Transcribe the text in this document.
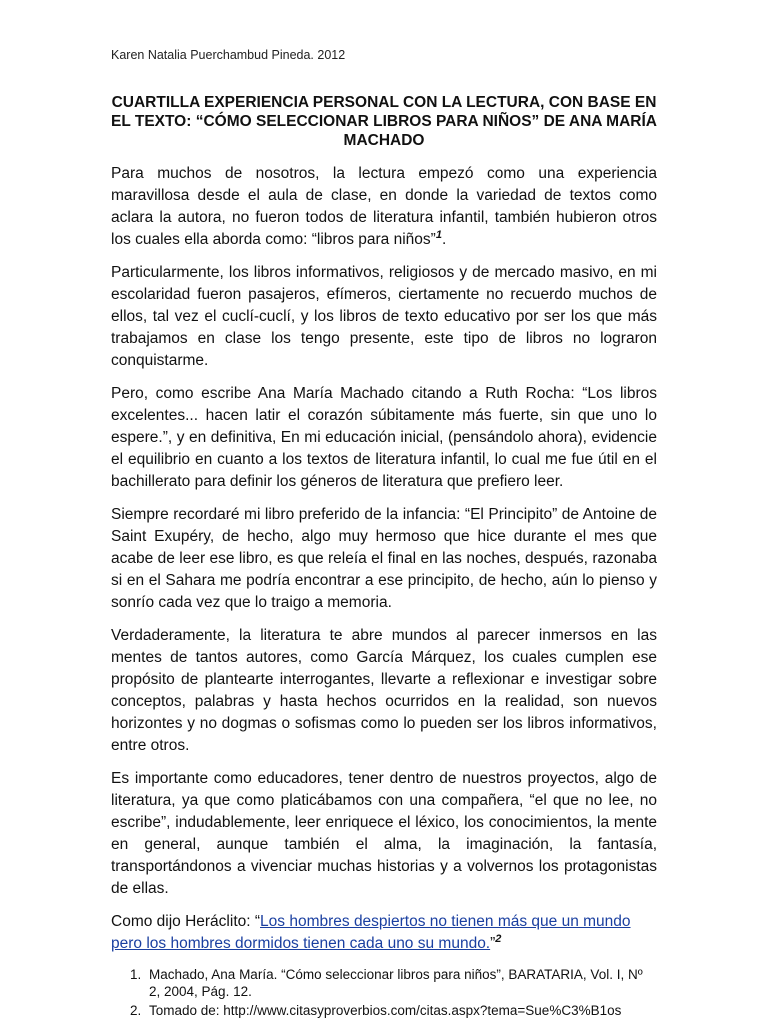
Karen Natalia Puerchambud Pineda. 2012
CUARTILLA EXPERIENCIA PERSONAL CON LA LECTURA, CON BASE EN
EL TEXTO: “CÓMO SELECCIONAR LIBROS PARA NIÑOS” DE ANA MARÍA
MACHADO

Para muchos de nosotros, la lectura empezó como una experiencia maravillosa desde el aula de clase, en donde la variedad de textos como aclara la autora, no fueron todos de literatura infantil, también hubieron otros los cuales ella aborda como: “libros para niños”$^1$.

Particularmente, los libros informativos, religiosos y de mercado masivo, en mi escolaridad fueron pasajeros, efímeros, ciertamente no recuerdo muchos de ellos, tal vez el cuclí-cuclí, y los libros de texto educativo por ser los que más trabajamos en clase los tengo presente, este tipo de libros no lograron conquistarme.

Pero, como escribe Ana María Machado citando a Ruth Rocha: “Los libros excelentes... hacen latir el corazón súbitamente más fuerte, sin que uno lo espere.”, y en definitiva, En mi educación inicial, (pensándolo ahora), evidencie el equilibrio en cuanto a los textos de literatura infantil, lo cual me fue útil en el bachillerato para definir los géneros de literatura que prefiero leer.

Siempre recordaré mi libro preferido de la infancia: “El Principito” de Antoine de Saint Exupéry, de hecho, algo muy hermoso que hice durante el mes que acabe de leer ese libro, es que releía el final en las noches, después, razonaba si en el Sahara me podría encontrar a ese principito, de hecho, aún lo pienso y sonrío cada vez que lo traigo a memoria.

Verdaderamente, la literatura te abre mundos al parecer inmersos en las mentes de tantos autores, como García Márquez, los cuales cumplen ese propósito de plantearte interrogantes, llevarte a reflexionar e investigar sobre conceptos, palabras y hasta hechos ocurridos en la realidad, son nuevos horizontes y no dogmas o sofismas como lo pueden ser los libros informativos, entre otros.

Es importante como educadores, tener dentro de nuestros proyectos, algo de literatura, ya que como platicábamos con una compañera, “el que no lee, no escribe”, indudablemente, leer enriquece el léxico, los conocimientos, la mente en general, aunque también el alma, la imaginación, la fantasía, transportándonos a vivenciar muchas historias y a volvernos los protagonistas de ellas.

Como dijo Heráclito: “Los hombres despiertos no tienen más que un mundo pero los hombres dormidos tienen cada uno su mundo.”$^2$

1. Machado, Ana María. “Cómo seleccionar libros para niños”, BARATARIA, Vol. I, Nº 2, 2004, Pág. 12.
2. Tomado de: http://www.citasyproverbios.com/citas.aspx?tema=Sue%C3%B1os
